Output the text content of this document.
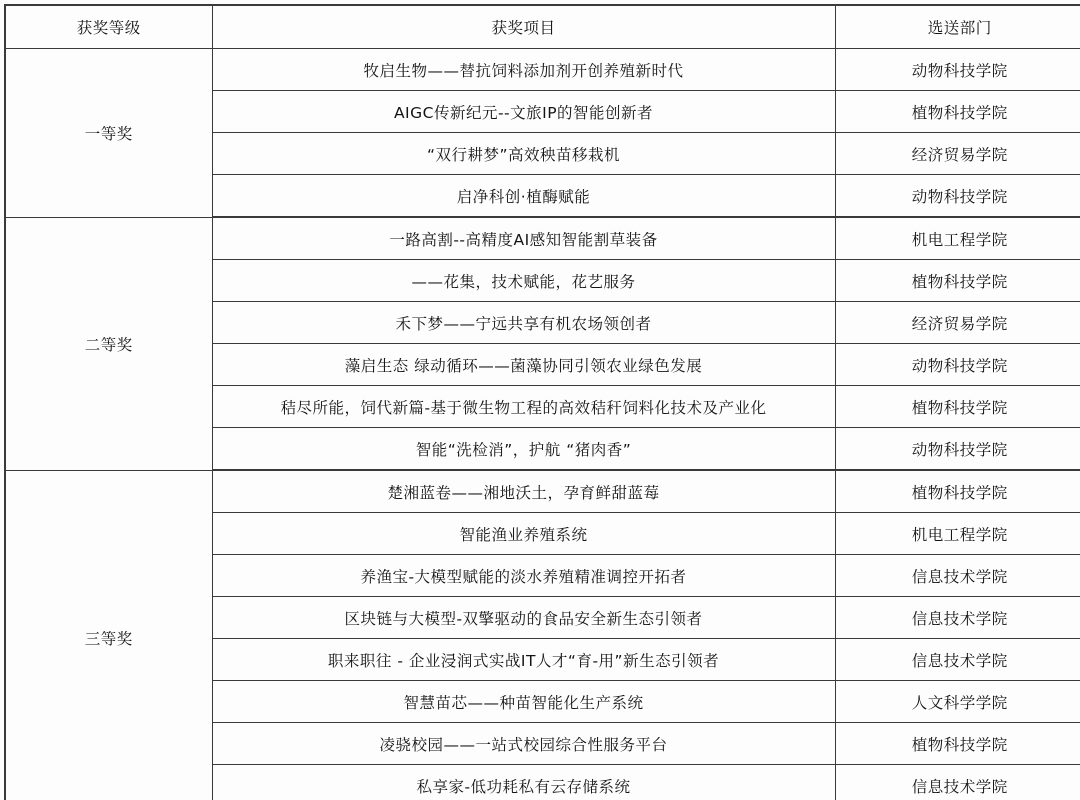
获奖等级	获奖项目	选送部门
一等奖	牧启生物——替抗饲料添加剂开创养殖新时代	动物科技学院
	AIGC传新纪元--文旅IP的智能创新者	植物科技学院
	“双行耕梦”高效秧苗移栽机	经济贸易学院
	启净科创·植酶赋能	动物科技学院
二等奖	一路高割--高精度AI感知智能割草装备	机电工程学院
	——花集，技术赋能，花艺服务	植物科技学院
	禾下梦——宁远共享有机农场领创者	经济贸易学院
	藻启生态 绿动循环——菌藻协同引领农业绿色发展	动物科技学院
	秸尽所能，饲代新篇-基于微生物工程的高效秸秆饲料化技术及产业化	植物科技学院
	智能“洗检消”，护航 “猪肉香”	动物科技学院
三等奖	楚湘蓝卷——湘地沃土，孕育鲜甜蓝莓	植物科技学院
	智能渔业养殖系统	机电工程学院
	养渔宝-大模型赋能的淡水养殖精准调控开拓者	信息技术学院
	区块链与大模型-双擎驱动的食品安全新生态引领者	信息技术学院
	职来职往 - 企业浸润式实战IT人才“育-用”新生态引领者	信息技术学院
	智慧苗芯——种苗智能化生产系统	人文科学学院
	凌骁校园——一站式校园综合性服务平台	植物科技学院
	私享家-低功耗私有云存储系统	信息技术学院
